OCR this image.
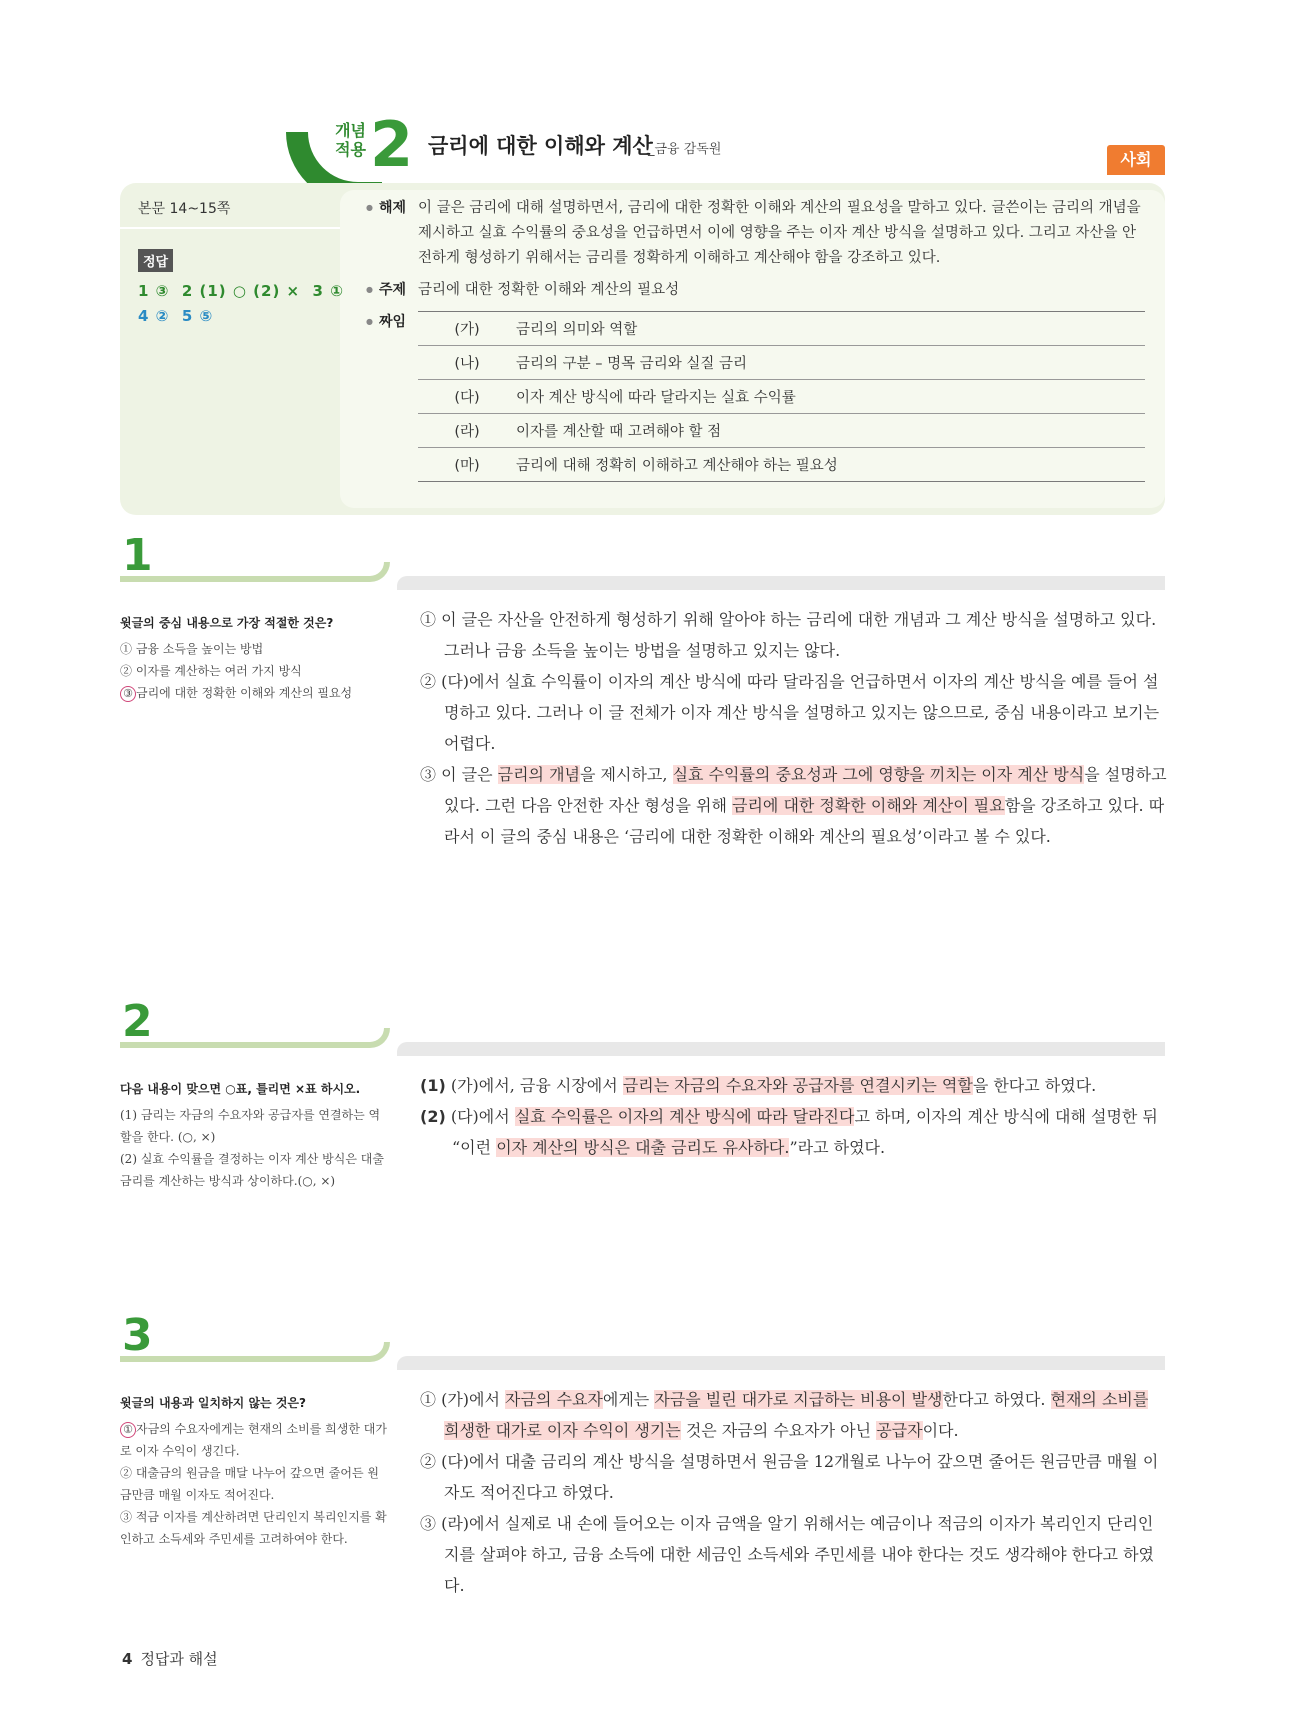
개념 적용 2 금리에 대한 이해와 계산
_금융 감독원
사회
본문 14~15쪽
정답
1 ③ 2 (1) ○ (2) × 3 ①
4 ② 5 ⑤
● 해제 이 글은 금리에 대해 설명하면서, 금리에 대한 정확한 이해와 계산의 필요성을 말하고 있다. 글쓴이는 금리의 개념을 제시하고 실효 수익률의 중요성을 언급하면서 이에 영향을 주는 이자 계산 방식을 설명하고 있다. 그리고 자산을 안전하게 형성하기 위해서는 금리를 정확하게 이해하고 계산해야 함을 강조하고 있다.
● 주제 금리에 대한 정확한 이해와 계산의 필요성
● 짜임	(가)	금리의 의미와 역할
(나)	금리의 구분 – 명목 금리와 실질 금리
(다)	이자 계산 방식에 따라 달라지는 실효 수익률
(라)	이자를 계산할 때 고려해야 할 점
(마)	금리에 대해 정확히 이해하고 계산해야 하는 필요성
1
윗글의 중심 내용으로 가장 적절한 것은?
① 금융 소득을 높이는 방법
② 이자를 계산하는 여러 가지 방식
③ 금리에 대한 정확한 이해와 계산의 필요성

① 이 글은 자산을 안전하게 형성하기 위해 알아야 하는 금리에 대한 개념과 그 계산 방식을 설명하고 있다. 그러나 금융 소득을 높이는 방법을 설명하고 있지는 않다.

② (다)에서 실효 수익률이 이자의 계산 방식에 따라 달라짐을 언급하면서 이자의 계산 방식을 예를 들어 설명하고 있다. 그러나 이 글 전체가 이자 계산 방식을 설명하고 있지는 않으므로, 중심 내용이라고 보기는 어렵다.

③ 이 글은 금리의 개념을 제시하고, 실효 수익률의 중요성과 그에 영향을 끼치는 이자 계산 방식을 설명하고 있다. 그런 다음 안전한 자산 형성을 위해 금리에 대한 정확한 이해와 계산이 필요함을 강조하고 있다. 따라서 이 글의 중심 내용은 ‘금리에 대한 정확한 이해와 계산의 필요성’이라고 볼 수 있다.

2
다음 내용이 맞으면 ○표, 틀리면 ×표 하시오.
(1) 금리는 자금의 수요자와 공급자를 연결하는 역할을 한다. (○, ×)
(2) 실효 수익률을 결정하는 이자 계산 방식은 대출 금리를 계산하는 방식과 상이하다.(○, ×)

(1) (가)에서, 금융 시장에서 금리는 자금의 수요자와 공급자를 연결시키는 역할을 한다고 하였다.

(2) (다)에서 실효 수익률은 이자의 계산 방식에 따라 달라진다고 하며, 이자의 계산 방식에 대해 설명한 뒤 “이런 이자 계산의 방식은 대출 금리도 유사하다.”라고 하였다.

3
윗글의 내용과 일치하지 않는 것은?
① 자금의 수요자에게는 현재의 소비를 희생한 대가로 이자 수익이 생긴다.
② 대출금의 원금을 매달 나누어 갚으면 줄어든 원금만큼 매월 이자도 적어진다.
③ 적금 이자를 계산하려면 단리인지 복리인지를 확인하고 소득세와 주민세를 고려하여야 한다.

① (가)에서 자금의 수요자에게는 자금을 빌린 대가로 지급하는 비용이 발생한다고 하였다. 현재의 소비를 희생한 대가로 이자 수익이 생기는 것은 자금의 수요자가 아닌 공급자이다.

② (다)에서 대출 금리의 계산 방식을 설명하면서 원금을 12개월로 나누어 갚으면 줄어든 원금만큼 매월 이자도 적어진다고 하였다.

③ (라)에서 실제로 내 손에 들어오는 이자 금액을 알기 위해서는 예금이나 적금의 이자가 복리인지 단리인지를 살펴야 하고, 금융 소득에 대한 세금인 소득세와 주민세를 내야 한다는 것도 생각해야 한다고 하였다.

4 정답과 해설
